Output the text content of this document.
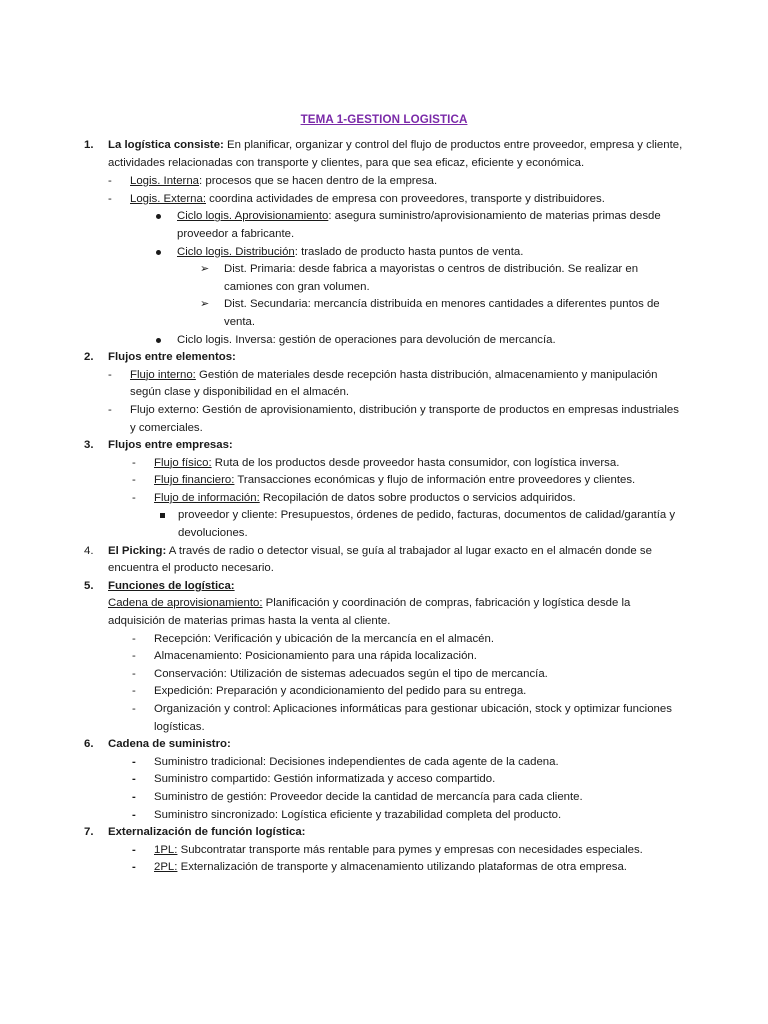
TEMA 1-GESTION LOGISTICA
1. La logística consiste: En planificar, organizar y control del flujo de productos entre proveedor, empresa y cliente, actividades relacionadas con transporte y clientes, para que sea eficaz, eficiente y económica.
- Logis. Interna: procesos que se hacen dentro de la empresa.
- Logis. Externa: coordina actividades de empresa con proveedores, transporte y distribuidores.
Ciclo logis. Aprovisionamiento: asegura suministro/aprovisionamiento de materias primas desde proveedor a fabricante.
Ciclo logis. Distribución: traslado de producto hasta puntos de venta.
➢ Dist. Primaria: desde fabrica a mayoristas o centros de distribución. Se realizar en camiones con gran volumen.
➢ Dist. Secundaria: mercancía distribuida en menores cantidades a diferentes puntos de venta.
Ciclo logis. Inversa: gestión de operaciones para devolución de mercancía.
2. Flujos entre elementos:
- Flujo interno: Gestión de materiales desde recepción hasta distribución, almacenamiento y manipulación según clase y disponibilidad en el almacén.
- Flujo externo: Gestión de aprovisionamiento, distribución y transporte de productos en empresas industriales y comerciales.
3. Flujos entre empresas:
- Flujo físico: Ruta de los productos desde proveedor hasta consumidor, con logística inversa.
- Flujo financiero: Transacciones económicas y flujo de información entre proveedores y clientes.
- Flujo de información: Recopilación de datos sobre productos o servicios adquiridos.
proveedor y cliente: Presupuestos, órdenes de pedido, facturas, documentos de calidad/garantía y devoluciones.
4. El Picking: A través de radio o detector visual, se guía al trabajador al lugar exacto en el almacén donde se encuentra el producto necesario.
5. Funciones de logística:
Cadena de aprovisionamiento: Planificación y coordinación de compras, fabricación y logística desde la adquisición de materias primas hasta la venta al cliente.
- Recepción: Verificación y ubicación de la mercancía en el almacén.
- Almacenamiento: Posicionamiento para una rápida localización.
- Conservación: Utilización de sistemas adecuados según el tipo de mercancía.
- Expedición: Preparación y acondicionamiento del pedido para su entrega.
- Organización y control: Aplicaciones informáticas para gestionar ubicación, stock y optimizar funciones logísticas.
6. Cadena de suministro:
- Suministro tradicional: Decisiones independientes de cada agente de la cadena.
- Suministro compartido: Gestión informatizada y acceso compartido.
- Suministro de gestión: Proveedor decide la cantidad de mercancía para cada cliente.
- Suministro sincronizado: Logística eficiente y trazabilidad completa del producto.
7. Externalización de función logística:
- 1PL: Subcontratar transporte más rentable para pymes y empresas con necesidades especiales.
- 2PL: Externalización de transporte y almacenamiento utilizando plataformas de otra empresa.
